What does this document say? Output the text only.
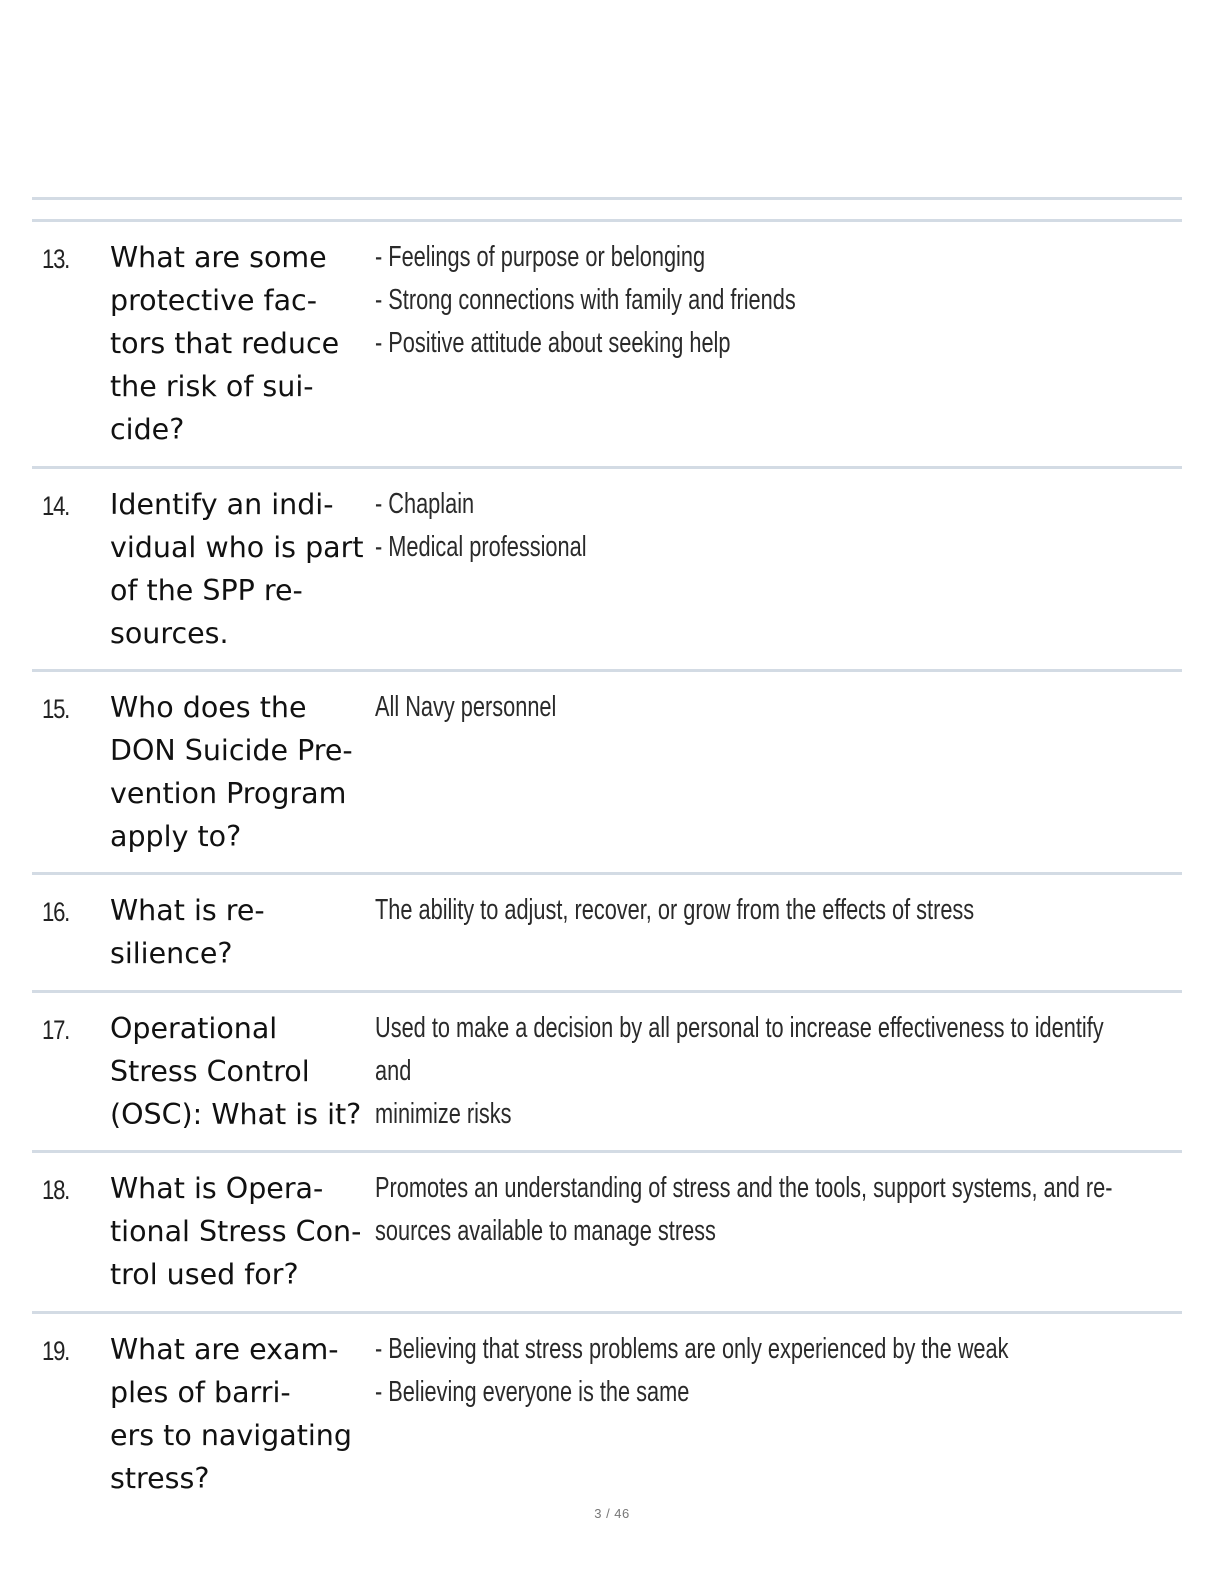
13. What are some
protective fac-
tors that reduce
the risk of sui-
cide?
- Feelings of purpose or belonging
- Strong connections with family and friends
- Positive attitude about seeking help
14. Identify an indi-
vidual who is part
of the SPP re-
sources.
- Chaplain
- Medical professional
15. Who does the
DON Suicide Pre-
vention Program
apply to?
All Navy personnel
16. What is re-
silience?
The ability to adjust, recover, or grow from the effects of stress
17. Operational
Stress Control
(OSC): What is it?
Used to make a decision by all personal to increase effectiveness to identify and
minimize risks
18. What is Opera-
tional Stress Con-
trol used for?
Promotes an understanding of stress and the tools, support systems, and re-
sources available to manage stress
19. What are exam-
ples of barri-
ers to navigating
stress?
- Believing that stress problems are only experienced by the weak
- Believing everyone is the same
3 / 46
